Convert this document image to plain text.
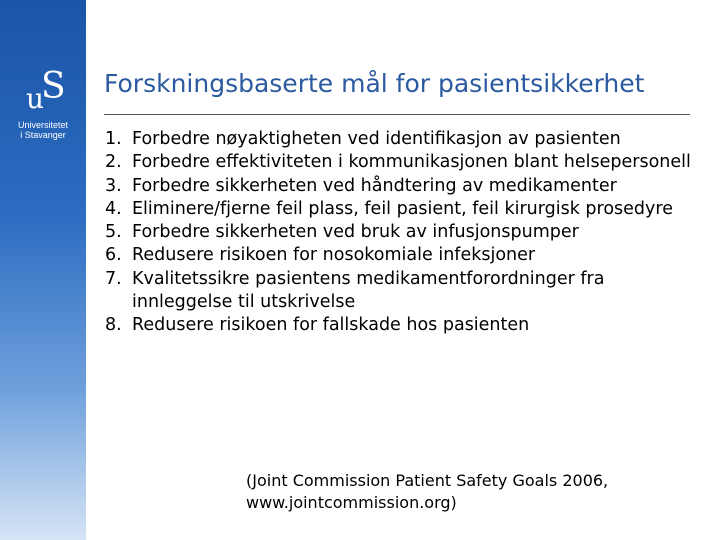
u
S
Universitetet
i Stavanger
Forskningsbaserte mål for pasientsikkerhet
1. Forbedre nøyaktigheten ved identifikasjon av pasienten
2. Forbedre effektiviteten i kommunikasjonen blant helsepersonell
3. Forbedre sikkerheten ved håndtering av medikamenter
4. Eliminere/fjerne feil plass, feil pasient, feil kirurgisk prosedyre
5. Forbedre sikkerheten ved bruk av infusjonspumper
6. Redusere risikoen for nosokomiale infeksjoner
7. Kvalitetssikre pasientens medikamentforordninger fra innleggelse til utskrivelse
8. Redusere risikoen for fallskade hos pasienten
(Joint Commission Patient Safety Goals 2006,
www.jointcommission.org)
